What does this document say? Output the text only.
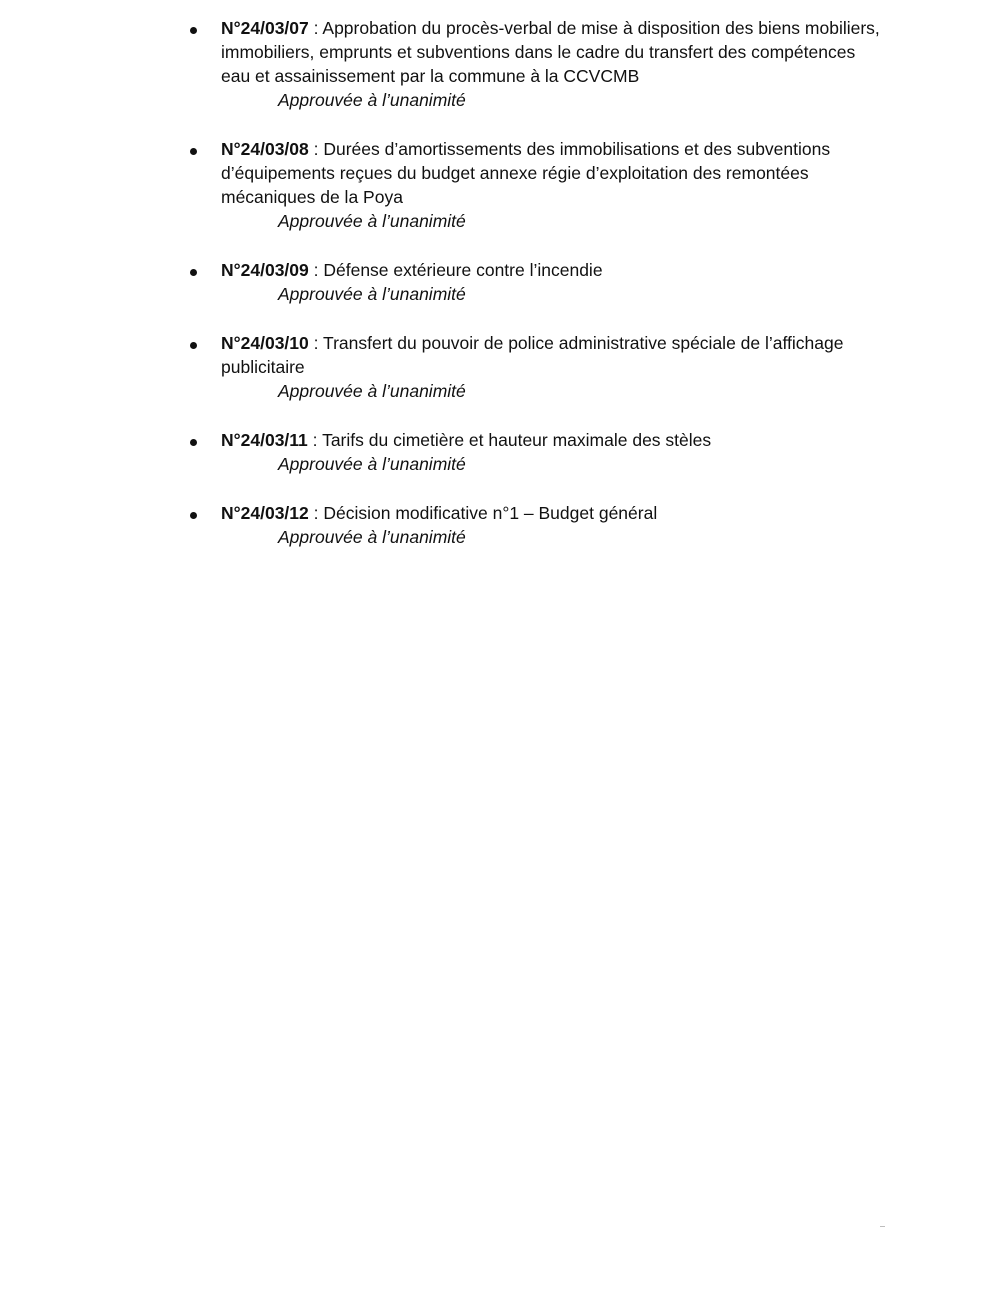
N°24/03/07 : Approbation du procès-verbal de mise à disposition des biens mobiliers, immobiliers, emprunts et subventions dans le cadre du transfert des compétences eau et assainissement par la commune à la CCVCMB
Approuvée à l’unanimité
N°24/03/08 : Durées d’amortissements des immobilisations et des subventions d’équipements reçues du budget annexe régie d’exploitation des remontées mécaniques de la Poya
Approuvée à l’unanimité
N°24/03/09 : Défense extérieure contre l’incendie
Approuvée à l’unanimité
N°24/03/10 : Transfert du pouvoir de police administrative spéciale de l’affichage publicitaire
Approuvée à l’unanimité
N°24/03/11 : Tarifs du cimetière et hauteur maximale des stèles
Approuvée à l’unanimité
N°24/03/12 : Décision modificative n°1 – Budget général
Approuvée à l’unanimité
